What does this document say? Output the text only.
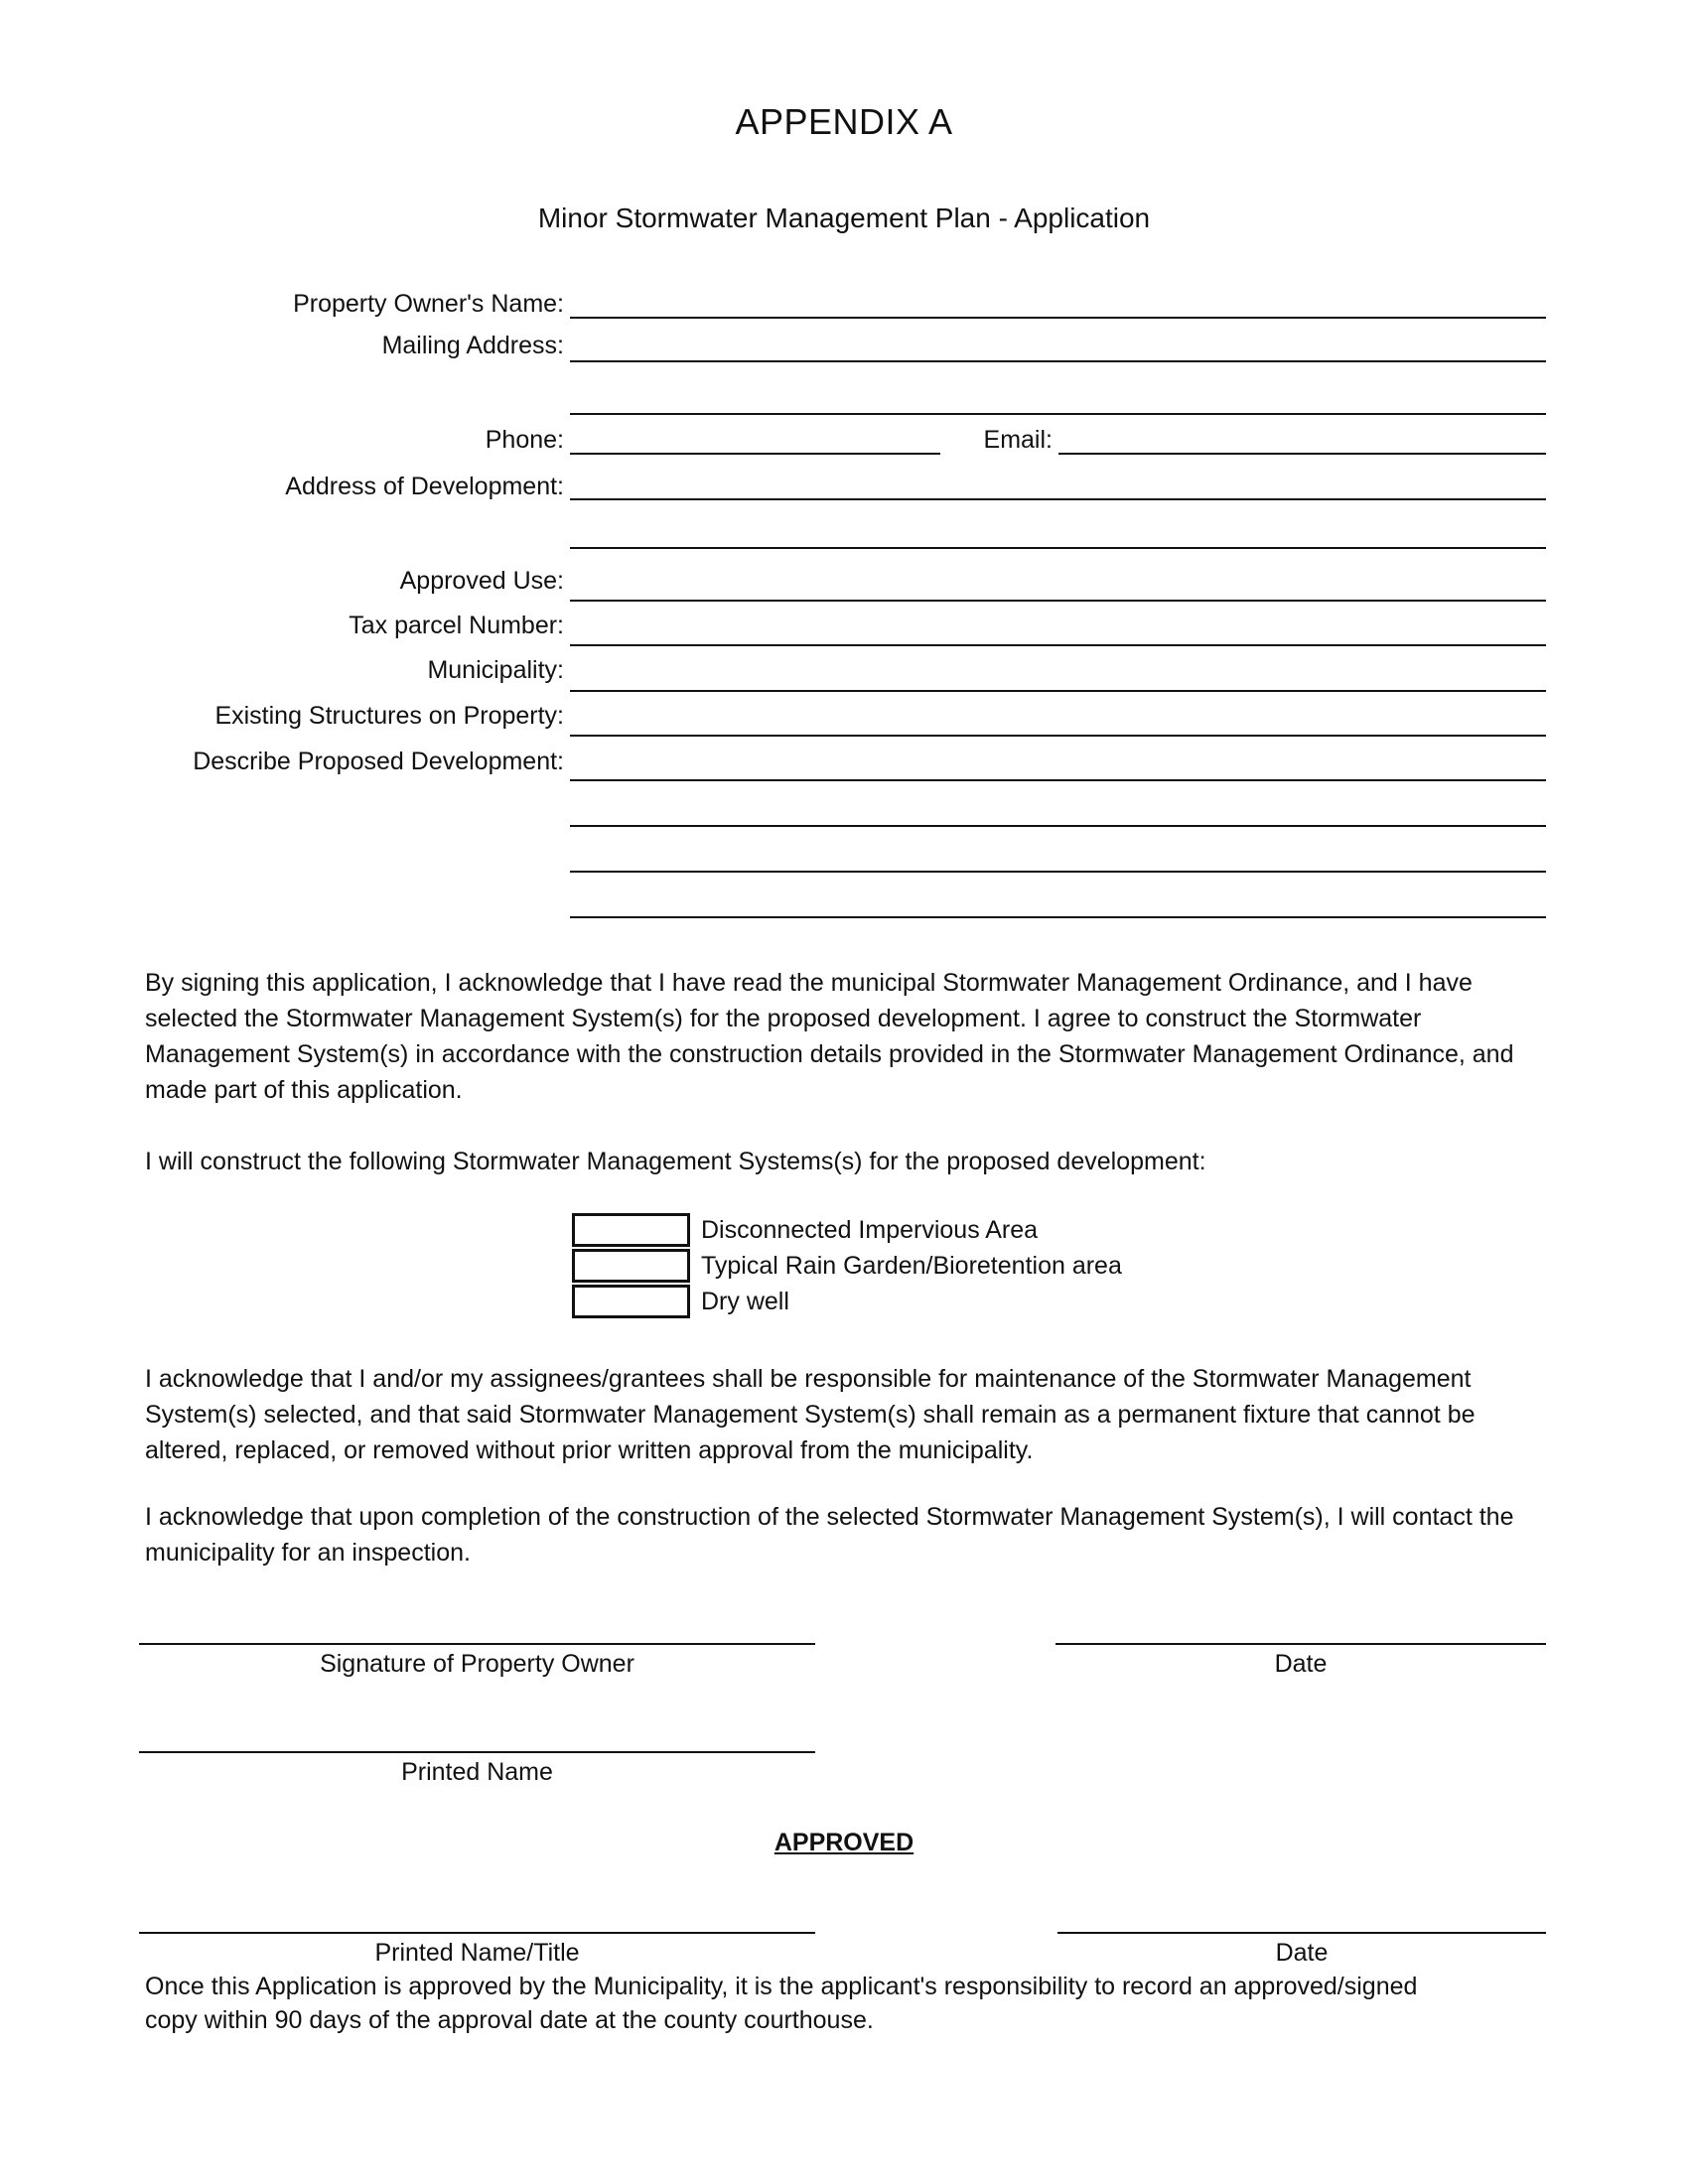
APPENDIX A
Minor Stormwater Management Plan - Application
Property Owner's Name:
Mailing Address:
Phone:	Email:
Address of Development:
Approved Use:
Tax parcel Number:
Municipality:
Existing Structures on Property:
Describe Proposed Development:
By signing this application, I acknowledge that I have read the municipal Stormwater Management Ordinance, and I have selected the Stormwater Management System(s) for the proposed development. I agree to construct the Stormwater Management System(s) in accordance with the construction details provided in the Stormwater Management Ordinance, and made part of this application.
I will construct the following Stormwater Management Systems(s) for the proposed development:
Disconnected Impervious Area
Typical Rain Garden/Bioretention area
Dry well
I acknowledge that I and/or my assignees/grantees shall be responsible for maintenance of the Stormwater Management System(s) selected, and that said Stormwater Management System(s) shall remain as a permanent fixture that cannot be altered, replaced, or removed without prior written approval from the municipality.
I acknowledge that upon completion of the construction of the selected Stormwater Management System(s), I will contact the municipality for an inspection.
Signature of Property Owner	Date
Printed Name
APPROVED
Printed Name/Title	Date
Once this Application is approved by the Municipality, it is the applicant's responsibility to record an approved/signed copy within 90 days of the approval date at the county courthouse.
